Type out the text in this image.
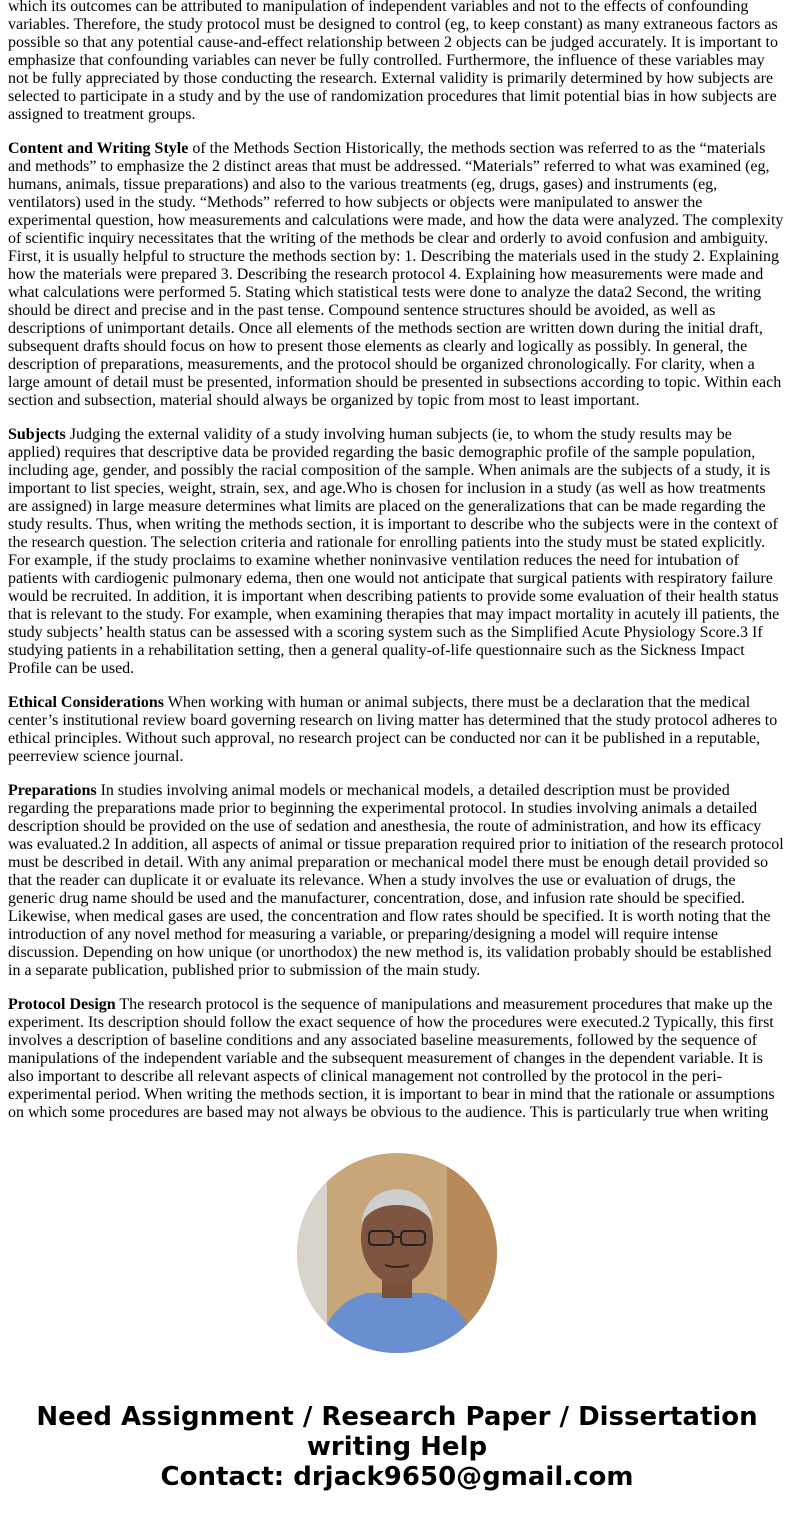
which its outcomes can be attributed to manipulation of independent variables and not to the effects of confounding variables. Therefore, the study protocol must be designed to control (eg, to keep constant) as many extraneous factors as possible so that any potential cause-and-effect relationship between 2 objects can be judged accurately. It is important to emphasize that confounding variables can never be fully controlled. Furthermore, the influence of these variables may not be fully appreciated by those conducting the research. External validity is primarily determined by how subjects are selected to participate in a study and by the use of randomization procedures that limit potential bias in how subjects are assigned to treatment groups.

Content and Writing Style of the Methods Section Historically, the methods section was referred to as the “materials and methods” to emphasize the 2 distinct areas that must be addressed. “Materials” referred to what was examined (eg, humans, animals, tissue preparations) and also to the various treatments (eg, drugs, gases) and instruments (eg, ventilators) used in the study. “Methods” referred to how subjects or objects were manipulated to answer the experimental question, how measurements and calculations were made, and how the data were analyzed. The complexity of scientific inquiry necessitates that the writing of the methods be clear and orderly to avoid confusion and ambiguity. First, it is usually helpful to structure the methods section by: 1. Describing the materials used in the study 2. Explaining how the materials were prepared 3. Describing the research protocol 4. Explaining how measurements were made and what calculations were performed 5. Stating which statistical tests were done to analyze the data2 Second, the writing should be direct and precise and in the past tense. Compound sentence structures should be avoided, as well as descriptions of unimportant details. Once all elements of the methods section are written down during the initial draft, subsequent drafts should focus on how to present those elements as clearly and logically as possibly. In general, the description of preparations, measurements, and the protocol should be organized chronologically. For clarity, when a large amount of detail must be presented, information should be presented in subsections according to topic. Within each section and subsection, material should always be organized by topic from most to least important.

Subjects Judging the external validity of a study involving human subjects (ie, to whom the study results may be applied) requires that descriptive data be provided regarding the basic demographic profile of the sample population, including age, gender, and possibly the racial composition of the sample. When animals are the subjects of a study, it is important to list species, weight, strain, sex, and age.Who is chosen for inclusion in a study (as well as how treatments are assigned) in large measure determines what limits are placed on the generalizations that can be made regarding the study results. Thus, when writing the methods section, it is important to describe who the subjects were in the context of the research question. The selection criteria and rationale for enrolling patients into the study must be stated explicitly. For example, if the study proclaims to examine whether noninvasive ventilation reduces the need for intubation of patients with cardiogenic pulmonary edema, then one would not anticipate that surgical patients with respiratory failure would be recruited. In addition, it is important when describing patients to provide some evaluation of their health status that is relevant to the study. For example, when examining therapies that may impact mortality in acutely ill patients, the study subjects’ health status can be assessed with a scoring system such as the Simplified Acute Physiology Score.3 If studying patients in a rehabilitation setting, then a general quality-of-life questionnaire such as the Sickness Impact Profile can be used.

Ethical Considerations When working with human or animal subjects, there must be a declaration that the medical center’s institutional review board governing research on living matter has determined that the study protocol adheres to ethical principles. Without such approval, no research project can be conducted nor can it be published in a reputable, peerreview science journal.

Preparations In studies involving animal models or mechanical models, a detailed description must be provided regarding the preparations made prior to beginning the experimental protocol. In studies involving animals a detailed description should be provided on the use of sedation and anesthesia, the route of administration, and how its efficacy was evaluated.2 In addition, all aspects of animal or tissue preparation required prior to initiation of the research protocol must be described in detail. With any animal preparation or mechanical model there must be enough detail provided so that the reader can duplicate it or evaluate its relevance. When a study involves the use or evaluation of drugs, the generic drug name should be used and the manufacturer, concentration, dose, and infusion rate should be specified. Likewise, when medical gases are used, the concentration and flow rates should be specified. It is worth noting that the introduction of any novel method for measuring a variable, or preparing/designing a model will require intense discussion. Depending on how unique (or unorthodox) the new method is, its validation probably should be established in a separate publication, published prior to submission of the main study.

Protocol Design The research protocol is the sequence of manipulations and measurement procedures that make up the experiment. Its description should follow the exact sequence of how the procedures were executed.2 Typically, this first involves a description of baseline conditions and any associated baseline measurements, followed by the sequence of manipulations of the independent variable and the subsequent measurement of changes in the dependent variable. It is also important to describe all relevant aspects of clinical management not controlled by the protocol in the peri-experimental period. When writing the methods section, it is important to bear in mind that the rationale or assumptions on which some procedures are based may not always be obvious to the audience. This is particularly true when writing

Need Assignment / Research Paper / Dissertation writing Help
Contact: drjack9650@gmail.com
